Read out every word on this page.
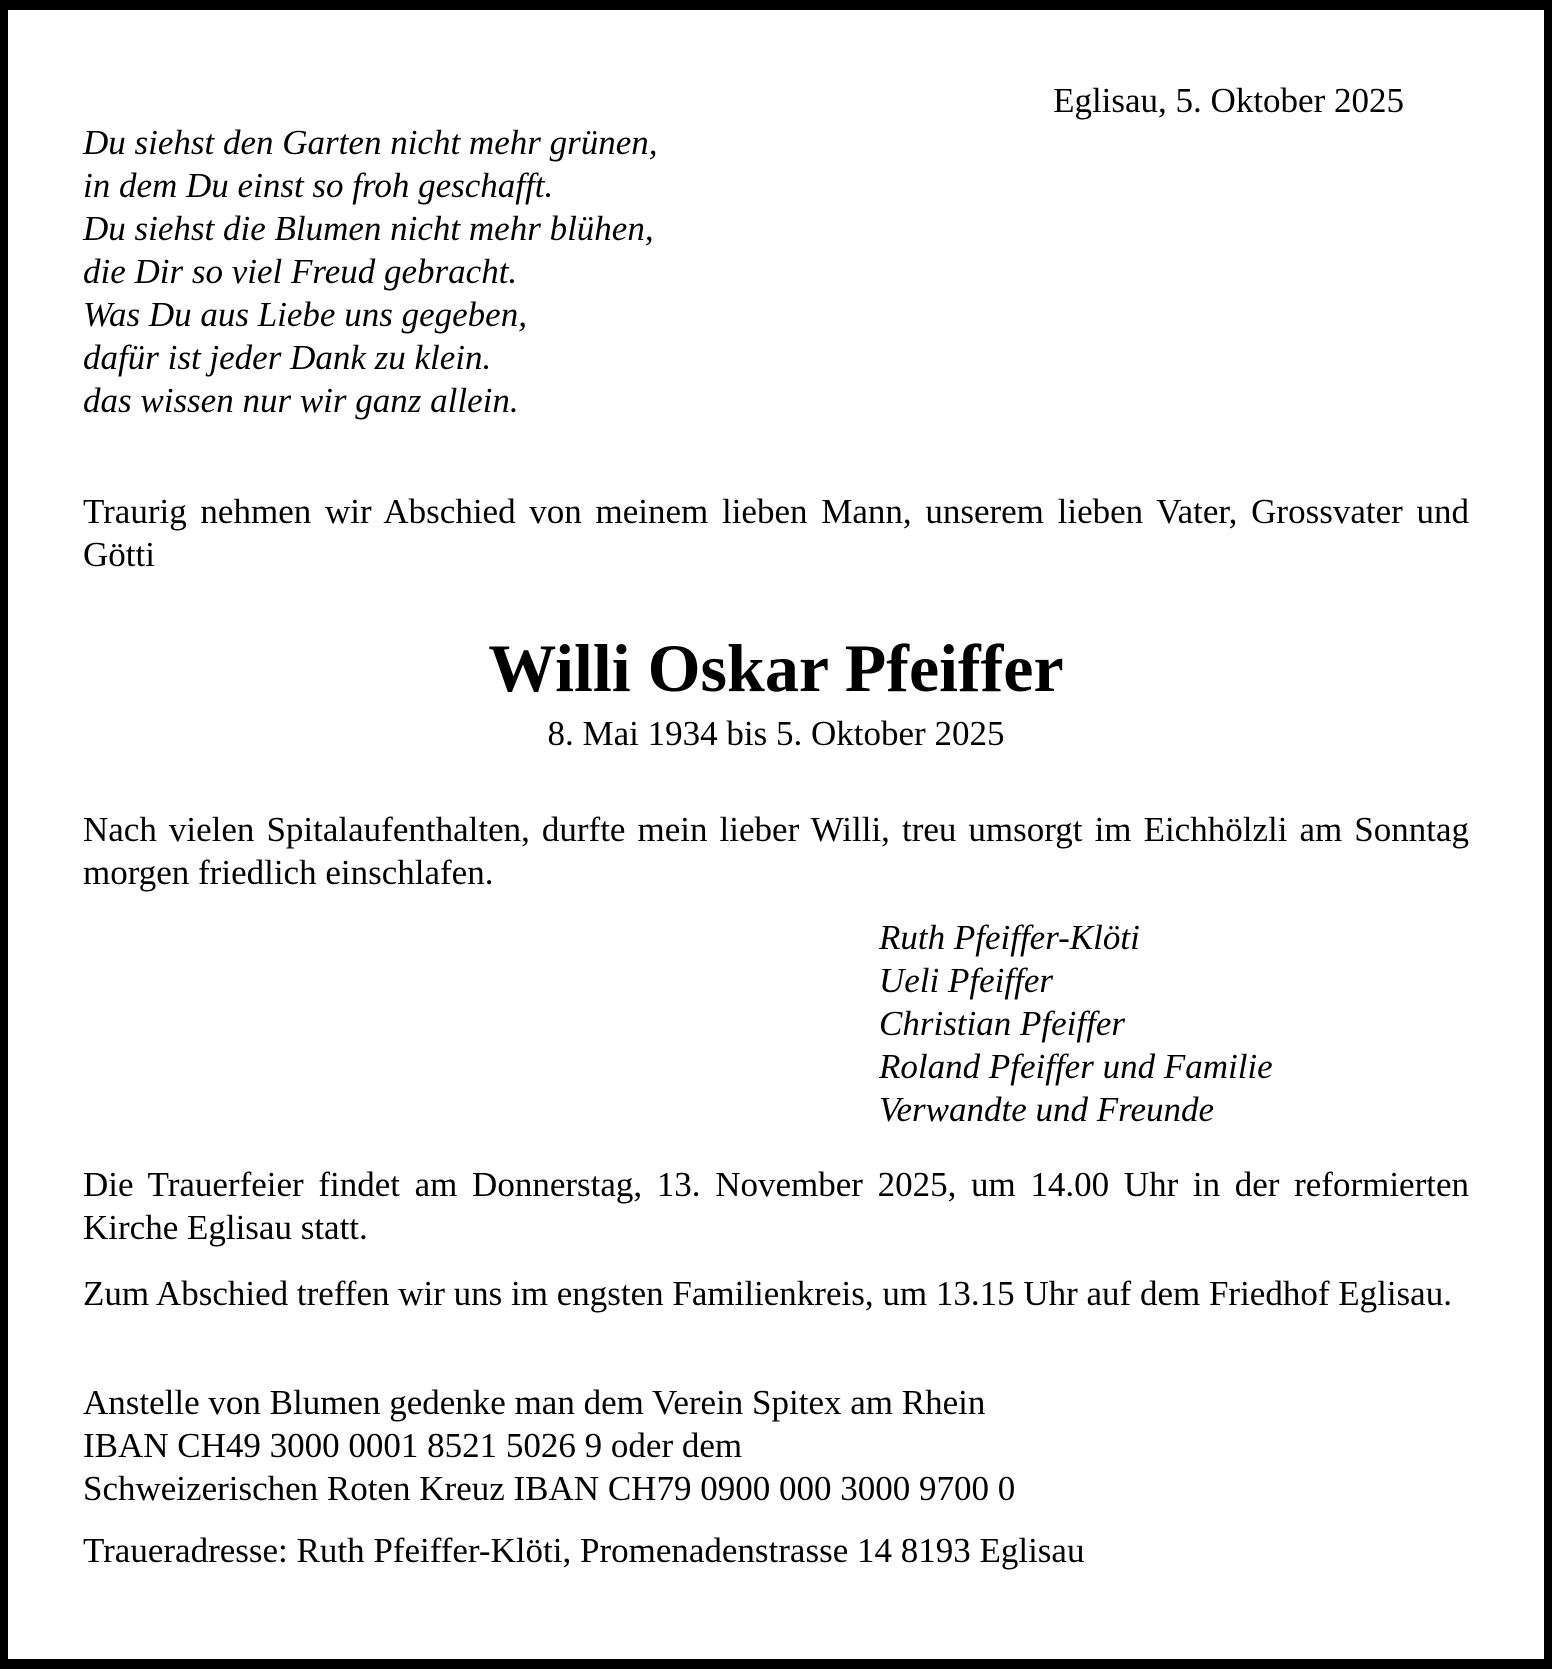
Eglisau, 5. Oktober 2025
Du siehst den Garten nicht mehr grünen,
in dem Du einst so froh geschafft.
Du siehst die Blumen nicht mehr blühen,
die Dir so viel Freud gebracht.
Was Du aus Liebe uns gegeben,
dafür ist jeder Dank zu klein.
das wissen nur wir ganz allein.
Traurig nehmen wir Abschied von meinem lieben Mann, unserem lieben Vater, Grossvater und Götti
Willi Oskar Pfeiffer
8. Mai 1934 bis 5. Oktober 2025
Nach vielen Spitalaufenthalten, durfte mein lieber Willi, treu umsorgt im Eichhölzli am Sonntag morgen friedlich einschlafen.
Ruth Pfeiffer-Klöti
Ueli Pfeiffer
Christian Pfeiffer
Roland Pfeiffer und Familie
Verwandte und Freunde
Die Trauerfeier findet am Donnerstag, 13. November 2025, um 14.00 Uhr in der reformierten Kirche Eglisau statt.
Zum Abschied treffen wir uns im engsten Familienkreis, um 13.15 Uhr auf dem Friedhof Eglisau.
Anstelle von Blumen gedenke man dem Verein Spitex am Rhein
IBAN CH49 3000 0001 8521 5026 9 oder dem
Schweizerischen Roten Kreuz IBAN CH79 0900 000 3000 9700 0
Traueradresse: Ruth Pfeiffer-Klöti, Promenadenstrasse 14 8193 Eglisau
